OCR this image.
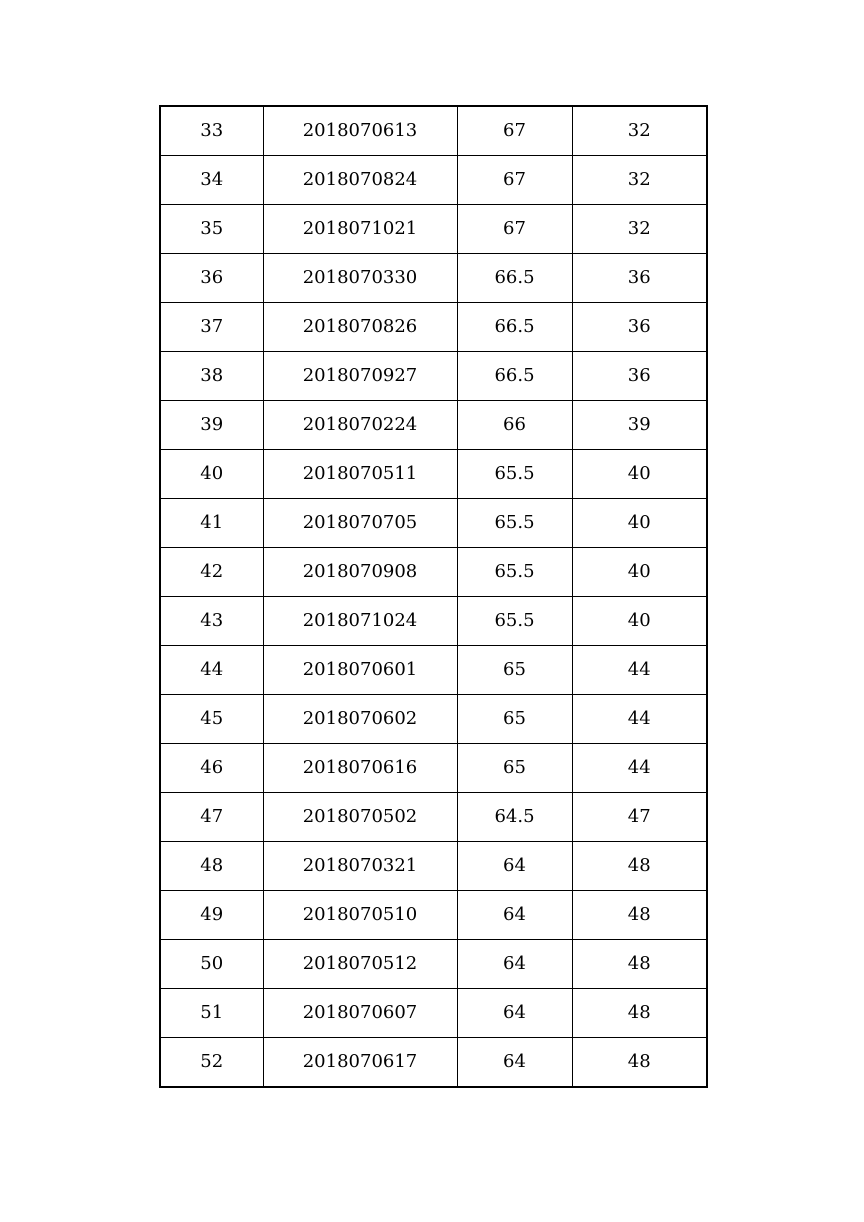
33	2018070613	67	32
34	2018070824	67	32
35	2018071021	67	32
36	2018070330	66.5	36
37	2018070826	66.5	36
38	2018070927	66.5	36
39	2018070224	66	39
40	2018070511	65.5	40
41	2018070705	65.5	40
42	2018070908	65.5	40
43	2018071024	65.5	40
44	2018070601	65	44
45	2018070602	65	44
46	2018070616	65	44
47	2018070502	64.5	47
48	2018070321	64	48
49	2018070510	64	48
50	2018070512	64	48
51	2018070607	64	48
52	2018070617	64	48
